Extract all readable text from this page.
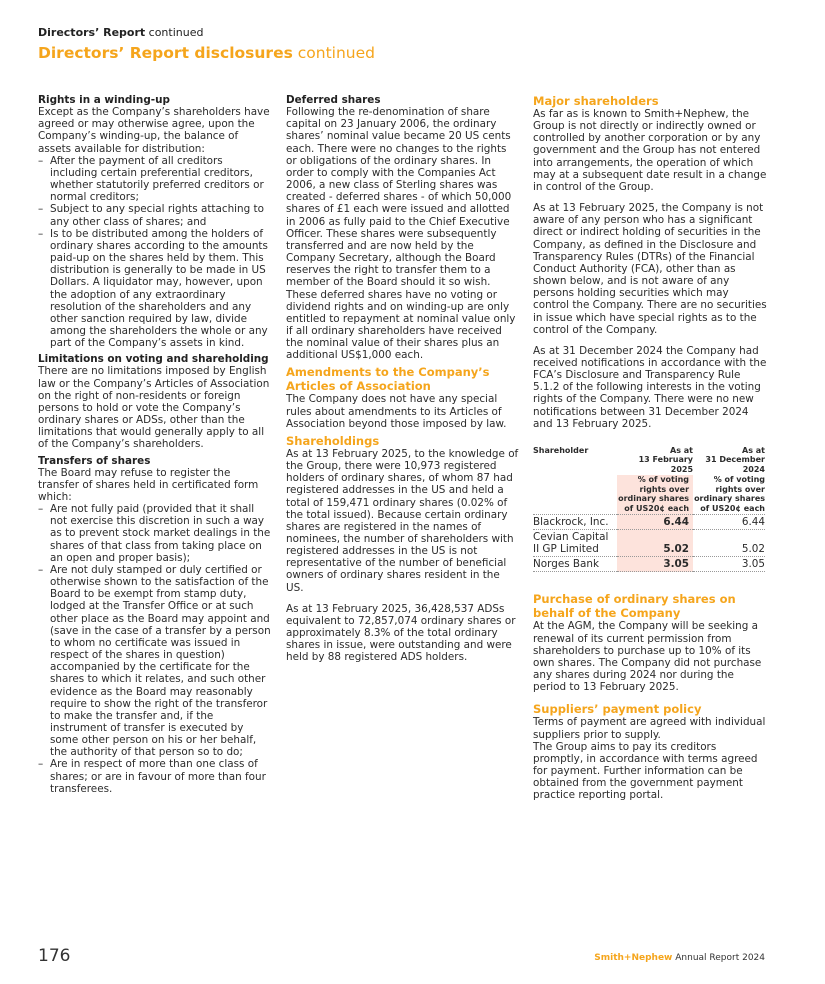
Directors’ Report continued
Directors’ Report disclosures continued
Rights in a winding-up

Except as the Company’s shareholders have agreed or may otherwise agree, upon the Company’s winding-up, the balance of assets available for distribution:

– After the payment of all creditors including certain preferential creditors, whether statutorily preferred creditors or normal creditors;
– Subject to any special rights attaching to any other class of shares; and
– Is to be distributed among the holders of ordinary shares according to the amounts paid-up on the shares held by them. This distribution is generally to be made in US Dollars. A liquidator may, however, upon the adoption of any extraordinary resolution of the shareholders and any other sanction required by law, divide among the shareholders the whole or any part of the Company’s assets in kind.
Limitations on voting and shareholding

There are no limitations imposed by English law or the Company’s Articles of Association on the right of non-residents or foreign persons to hold or vote the Company’s ordinary shares or ADSs, other than the limitations that would generally apply to all of the Company’s shareholders.

Transfers of shares

The Board may refuse to register the transfer of shares held in certificated form which:

– Are not fully paid (provided that it shall not exercise this discretion in such a way as to prevent stock market dealings in the shares of that class from taking place on an open and proper basis);
– Are not duly stamped or duly certified or otherwise shown to the satisfaction of the Board to be exempt from stamp duty, lodged at the Transfer Office or at such other place as the Board may appoint and (save in the case of a transfer by a person to whom no certificate was issued in respect of the shares in question) accompanied by the certificate for the shares to which it relates, and such other evidence as the Board may reasonably require to show the right of the transferor to make the transfer and, if the instrument of transfer is executed by some other person on his or her behalf, the authority of that person so to do;
– Are in respect of more than one class of shares; or are in favour of more than four transferees.
Deferred shares

Following the re-denomination of share capital on 23 January 2006, the ordinary shares’ nominal value became 20 US cents each. There were no changes to the rights or obligations of the ordinary shares. In order to comply with the Companies Act 2006, a new class of Sterling shares was created - deferred shares - of which 50,000 shares of £1 each were issued and allotted in 2006 as fully paid to the Chief Executive Officer. These shares were subsequently transferred and are now held by the Company Secretary, although the Board reserves the right to transfer them to a member of the Board should it so wish. These deferred shares have no voting or dividend rights and on winding-up are only entitled to repayment at nominal value only if all ordinary shareholders have received the nominal value of their shares plus an additional US$1,000 each.

Amendments to the Company’s Articles of Association

The Company does not have any special rules about amendments to its Articles of Association beyond those imposed by law.

Shareholdings

As at 13 February 2025, to the knowledge of the Group, there were 10,973 registered holders of ordinary shares, of whom 87 had registered addresses in the US and held a total of 159,471 ordinary shares (0.02% of the total issued). Because certain ordinary shares are registered in the names of nominees, the number of shareholders with registered addresses in the US is not representative of the number of beneficial owners of ordinary shares resident in the US.

As at 13 February 2025, 36,428,537 ADSs equivalent to 72,857,074 ordinary shares or approximately 8.3% of the total ordinary shares in issue, were outstanding and were held by 88 registered ADS holders.

Major shareholders

As far as is known to Smith+Nephew, the Group is not directly or indirectly owned or controlled by another corporation or by any government and the Group has not entered into arrangements, the operation of which may at a subsequent date result in a change in control of the Group.

As at 13 February 2025, the Company is not aware of any person who has a significant direct or indirect holding of securities in the Company, as defined in the Disclosure and Transparency Rules (DTRs) of the Financial Conduct Authority (FCA), other than as shown below, and is not aware of any persons holding securities which may control the Company. There are no securities in issue which have special rights as to the control of the Company.

As at 31 December 2024 the Company had received notifications in accordance with the FCA’s Disclosure and Transparency Rule 5.1.2 of the following interests in the voting rights of the Company. There were no new notifications between 31 December 2024 and 13 February 2025.

Shareholder	As at
13 February
2025	As at
31 December
2024
	% of voting
rights over
ordinary shares
of US20¢ each	% of voting
rights over
ordinary shares
of US20¢ each
Blackrock, Inc.	6.44	6.44
Cevian Capital II GP Limited	5.02	5.02
Norges Bank	3.05	3.05
Purchase of ordinary shares on behalf of the Company

At the AGM, the Company will be seeking a renewal of its current permission from shareholders to purchase up to 10% of its own shares. The Company did not purchase any shares during 2024 nor during the period to 13 February 2025.

Suppliers’ payment policy

Terms of payment are agreed with individual suppliers prior to supply.

The Group aims to pay its creditors promptly, in accordance with terms agreed for payment. Further information can be obtained from the government payment practice reporting portal.

176	Smith+Nephew Annual Report 2024
